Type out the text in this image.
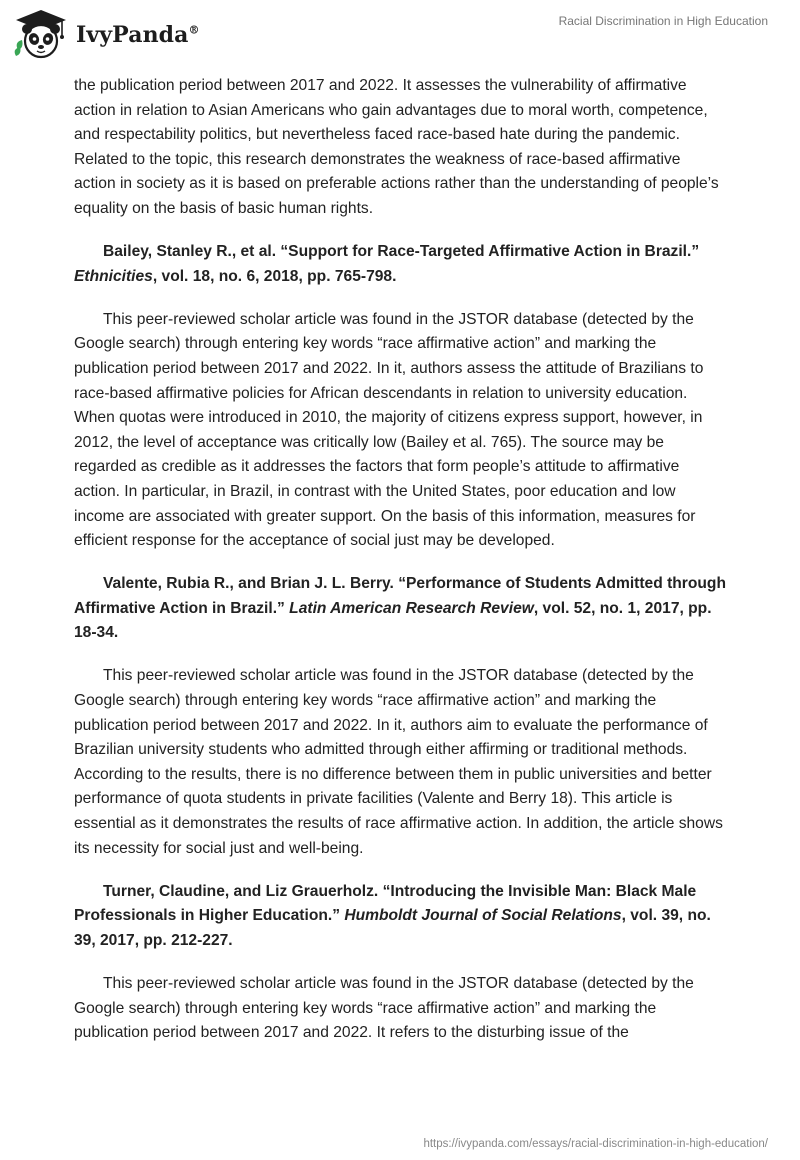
IvyPanda®
Racial Discrimination in High Education

the publication period between 2017 and 2022. It assesses the vulnerability of affirmative action in relation to Asian Americans who gain advantages due to moral worth, competence, and respectability politics, but nevertheless faced race-based hate during the pandemic. Related to the topic, this research demonstrates the weakness of race-based affirmative action in society as it is based on preferable actions rather than the understanding of people’s equality on the basis of basic human rights.

Bailey, Stanley R., et al. “Support for Race-Targeted Affirmative Action in Brazil.” Ethnicities, vol. 18, no. 6, 2018, pp. 765-798.

This peer-reviewed scholar article was found in the JSTOR database (detected by the Google search) through entering key words “race affirmative action” and marking the publication period between 2017 and 2022. In it, authors assess the attitude of Brazilians to race-based affirmative policies for African descendants in relation to university education. When quotas were introduced in 2010, the majority of citizens express support, however, in 2012, the level of acceptance was critically low (Bailey et al. 765). The source may be regarded as credible as it addresses the factors that form people’s attitude to affirmative action. In particular, in Brazil, in contrast with the United States, poor education and low income are associated with greater support. On the basis of this information, measures for efficient response for the acceptance of social just may be developed.

Valente, Rubia R., and Brian J. L. Berry. “Performance of Students Admitted through Affirmative Action in Brazil.” Latin American Research Review, vol. 52, no. 1, 2017, pp. 18-34.

This peer-reviewed scholar article was found in the JSTOR database (detected by the Google search) through entering key words “race affirmative action” and marking the publication period between 2017 and 2022. In it, authors aim to evaluate the performance of Brazilian university students who admitted through either affirming or traditional methods. According to the results, there is no difference between them in public universities and better performance of quota students in private facilities (Valente and Berry 18). This article is essential as it demonstrates the results of race affirmative action. In addition, the article shows its necessity for social just and well-being.

Turner, Claudine, and Liz Grauerholz. “Introducing the Invisible Man: Black Male Professionals in Higher Education.” Humboldt Journal of Social Relations, vol. 39, no. 39, 2017, pp. 212-227.

This peer-reviewed scholar article was found in the JSTOR database (detected by the Google search) through entering key words “race affirmative action” and marking the publication period between 2017 and 2022. It refers to the disturbing issue of the

https://ivypanda.com/essays/racial-discrimination-in-high-education/
